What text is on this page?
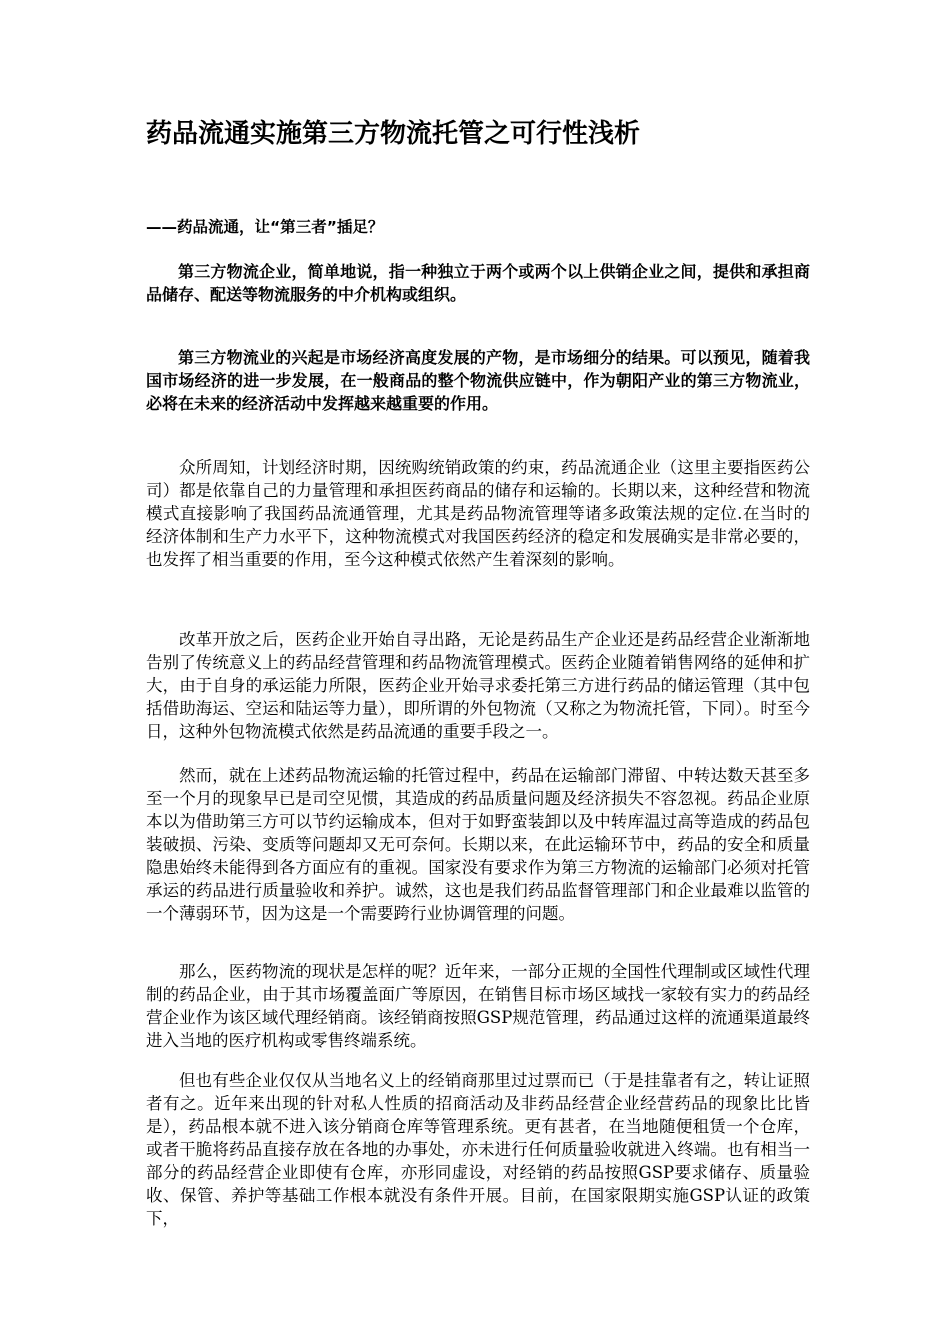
药品流通实施第三方物流托管之可行性浅析

——药品流通，让“第三者”插足？

第三方物流企业，简单地说，指一种独立于两个或两个以上供销企业之间，提供和承担商品储存、配送等物流服务的中介机构或组织。

第三方物流业的兴起是市场经济高度发展的产物，是市场细分的结果。可以预见，随着我国市场经济的进一步发展，在一般商品的整个物流供应链中，作为朝阳产业的第三方物流业，必将在未来的经济活动中发挥越来越重要的作用。

众所周知，计划经济时期，因统购统销政策的约束，药品流通企业（这里主要指医药公司）都是依靠自己的力量管理和承担医药商品的储存和运输的。长期以来，这种经营和物流模式直接影响了我国药品流通管理，尤其是药品物流管理等诸多政策法规的定位.在当时的经济体制和生产力水平下，这种物流模式对我国医药经济的稳定和发展确实是非常必要的，也发挥了相当重要的作用，至今这种模式依然产生着深刻的影响。

改革开放之后，医药企业开始自寻出路，无论是药品生产企业还是药品经营企业渐渐地告别了传统意义上的药品经营管理和药品物流管理模式。医药企业随着销售网络的延伸和扩大，由于自身的承运能力所限，医药企业开始寻求委托第三方进行药品的储运管理（其中包括借助海运、空运和陆运等力量），即所谓的外包物流（又称之为物流托管，下同）。时至今日，这种外包物流模式依然是药品流通的重要手段之一。

然而，就在上述药品物流运输的托管过程中，药品在运输部门滞留、中转达数天甚至多至一个月的现象早已是司空见惯，其造成的药品质量问题及经济损失不容忽视。药品企业原本以为借助第三方可以节约运输成本，但对于如野蛮装卸以及中转库温过高等造成的药品包装破损、污染、变质等问题却又无可奈何。长期以来，在此运输环节中，药品的安全和质量隐患始终未能得到各方面应有的重视。国家没有要求作为第三方物流的运输部门必须对托管承运的药品进行质量验收和养护。诚然，这也是我们药品监督管理部门和企业最难以监管的一个薄弱环节，因为这是一个需要跨行业协调管理的问题。

那么，医药物流的现状是怎样的呢？近年来，一部分正规的全国性代理制或区域性代理制的药品企业，由于其市场覆盖面广等原因，在销售目标市场区域找一家较有实力的药品经营企业作为该区域代理经销商。该经销商按照GSP规范管理，药品通过这样的流通渠道最终进入当地的医疗机构或零售终端系统。

但也有些企业仅仅从当地名义上的经销商那里过过票而已（于是挂靠者有之，转让证照者有之。近年来出现的针对私人性质的招商活动及非药品经营企业经营药品的现象比比皆是），药品根本就不进入该分销商仓库等管理系统。更有甚者，在当地随便租赁一个仓库，或者干脆将药品直接存放在各地的办事处，亦未进行任何质量验收就进入终端。也有相当一部分的药品经营企业即使有仓库，亦形同虚设，对经销的药品按照GSP要求储存、质量验收、保管、养护等基础工作根本就没有条件开展。目前，在国家限期实施GSP认证的政策下，
